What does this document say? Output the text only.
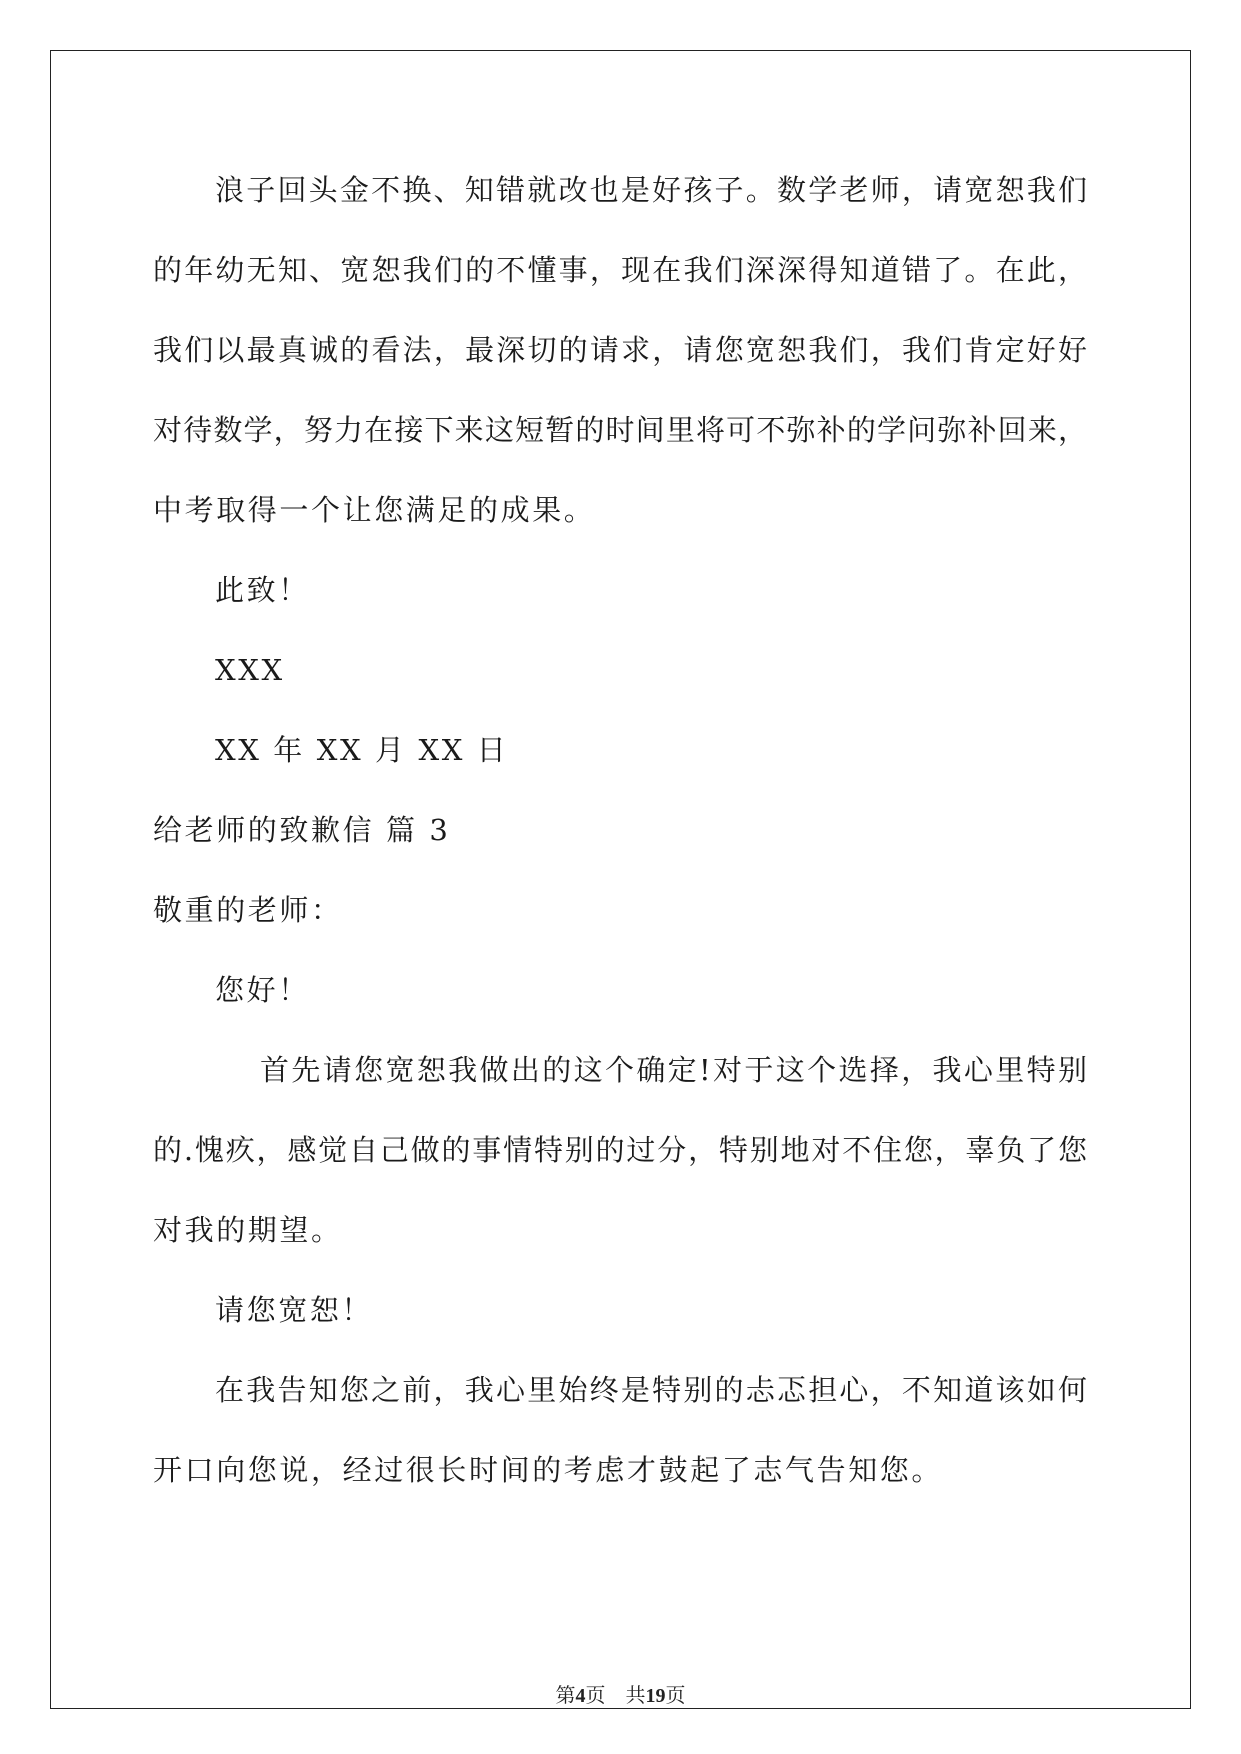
浪子回头金不换、知错就改也是好孩子。数学老师，请宽恕我们
的年幼无知、宽恕我们的不懂事，现在我们深深得知道错了。在此，
我们以最真诚的看法，最深切的请求，请您宽恕我们，我们肯定好好
对待数学，努力在接下来这短暂的时间里将可不弥补的学问弥补回来，
中考取得一个让您满足的成果。
此致！
XXX
XX 年 XX 月 XX 日
给老师的致歉信 篇 3
敬重的老师：
您好！
首先请您宽恕我做出的这个确定!对于这个选择，我心里特别
的.愧疚，感觉自己做的事情特别的过分，特别地对不住您，辜负了您
对我的期望。
请您宽恕！
在我告知您之前，我心里始终是特别的忐忑担心，不知道该如何
开口向您说，经过很长时间的考虑才鼓起了志气告知您。
第4页 共19页
